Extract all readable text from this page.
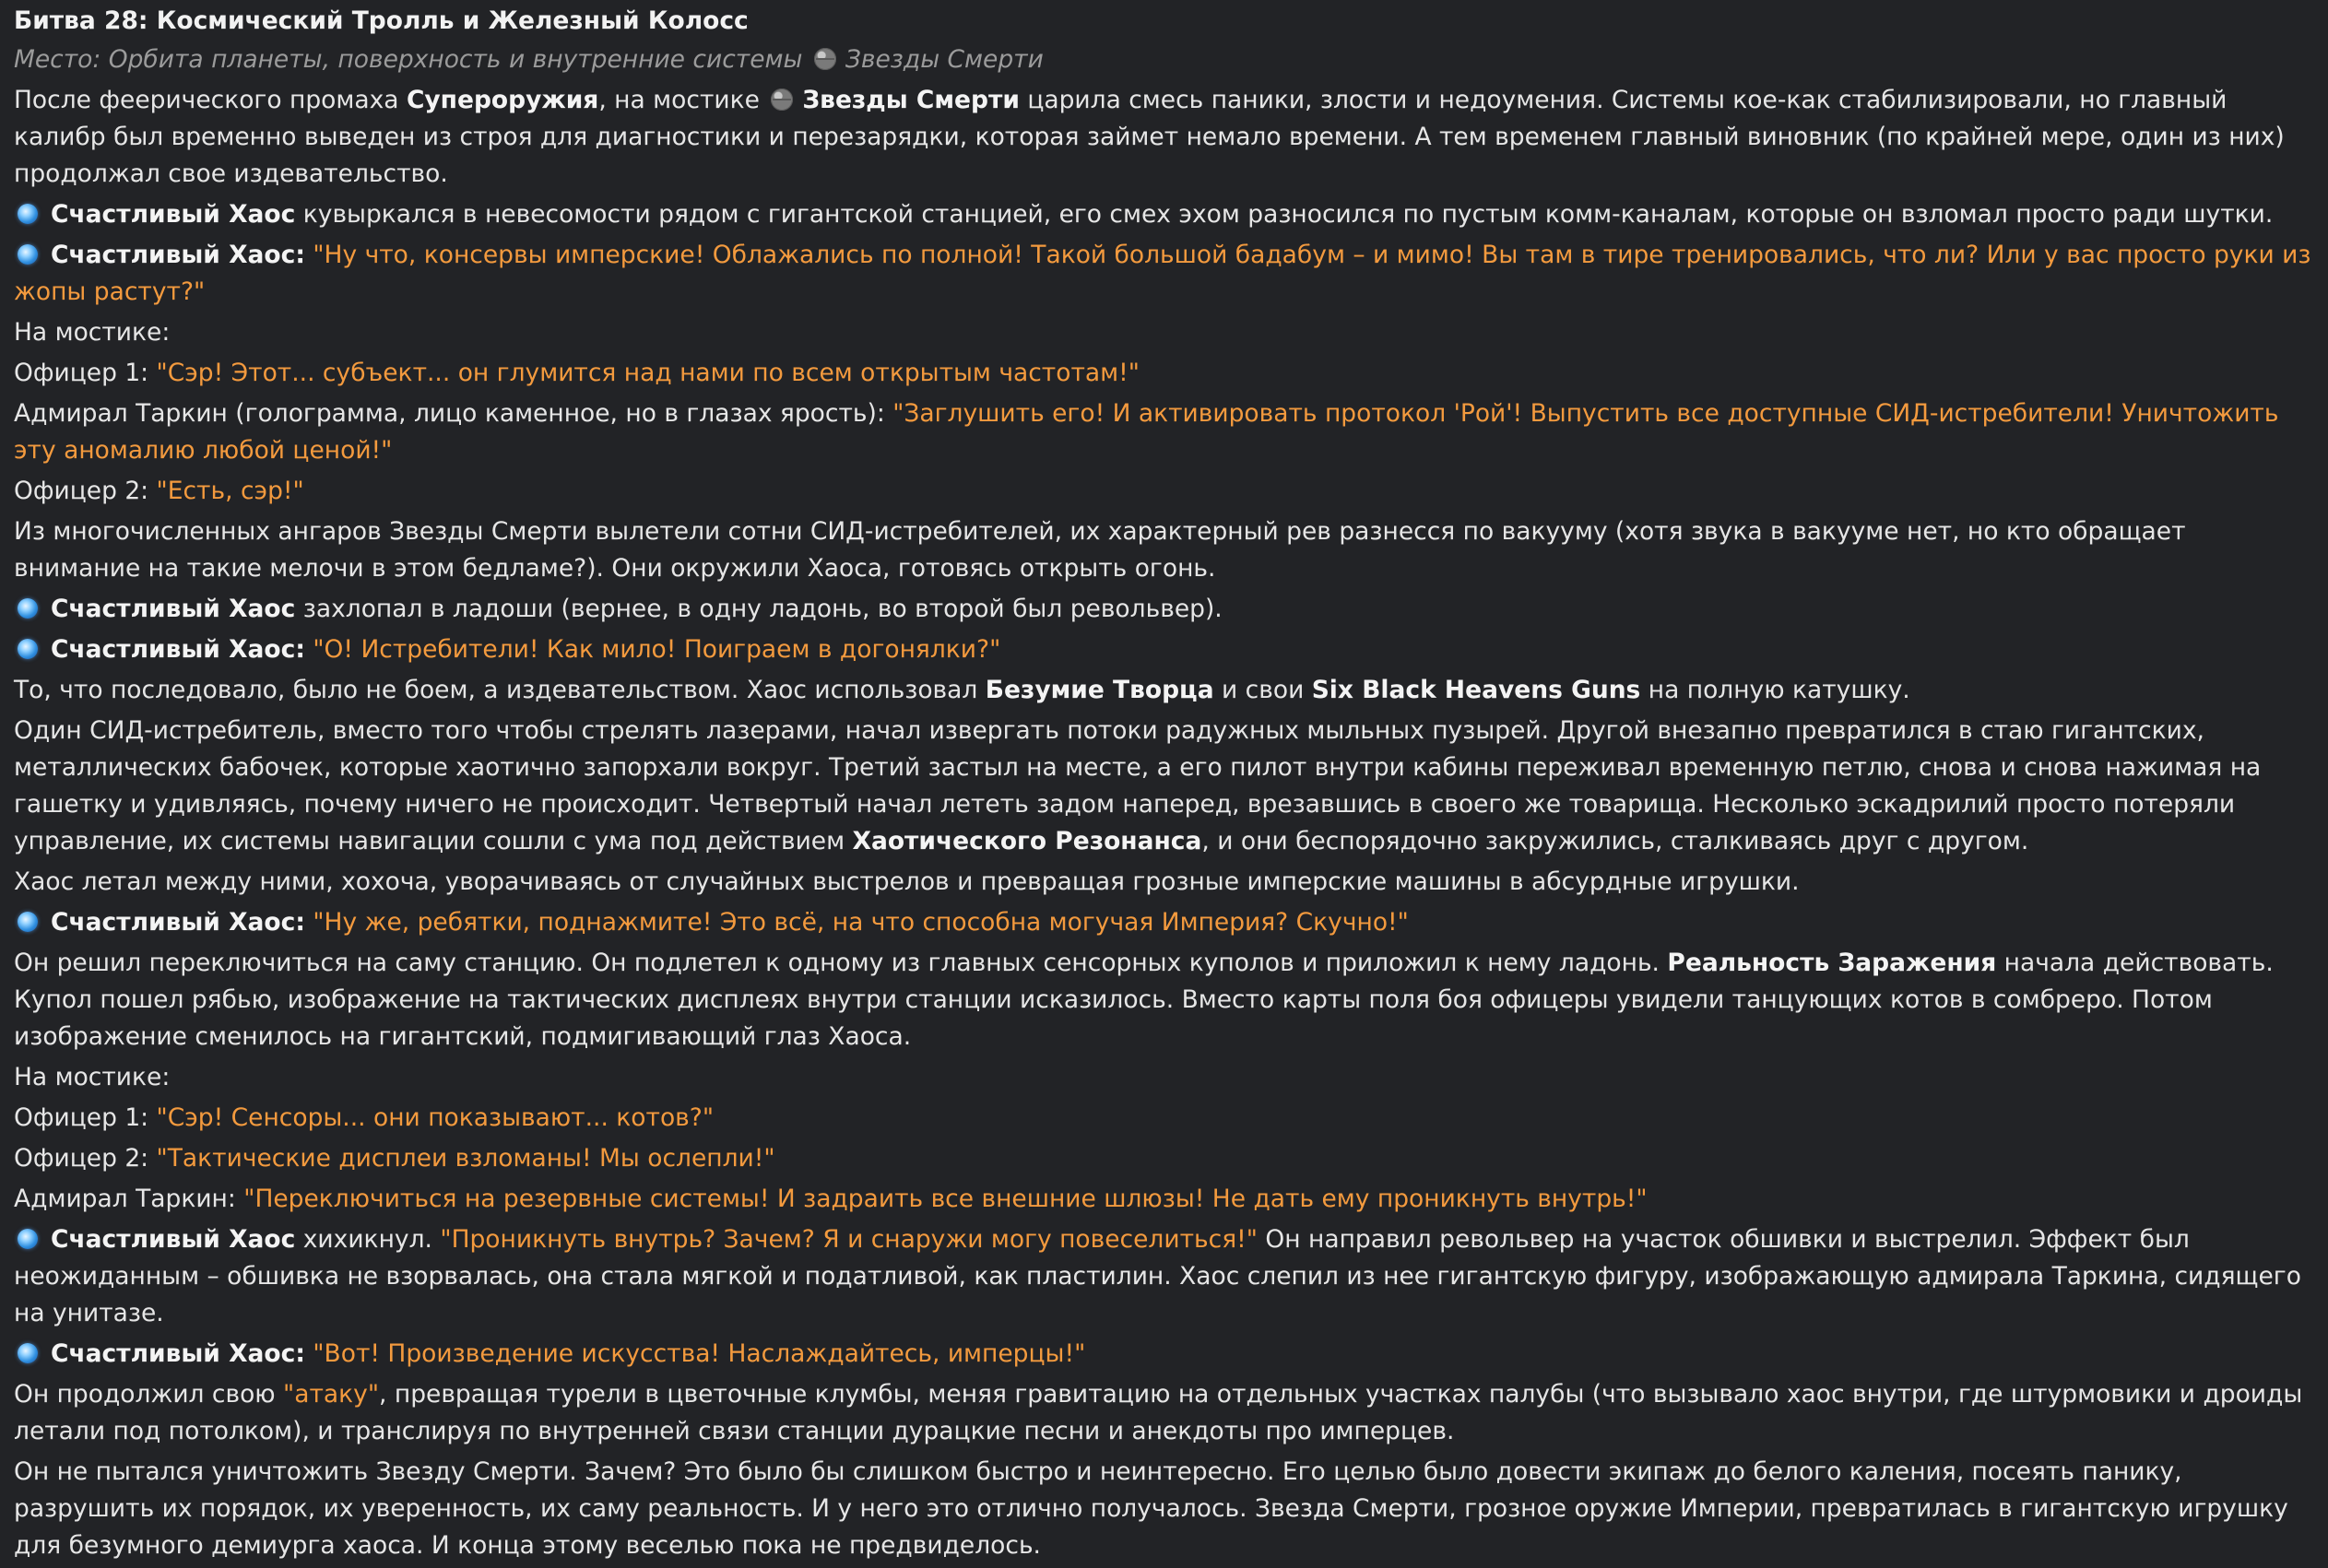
Битва 28: Космический Тролль и Железный Колосс
Место: Орбита планеты, поверхность и внутренние системы Звезды Смерти
После феерического промаха Супероружия, на мостике Звезды Смерти царила смесь паники, злости и недоумения. Системы кое-как стабилизировали, но главный калибр был временно выведен из строя для диагностики и перезарядки, которая займет немало времени. А тем временем главный виновник (по крайней мере, один из них) продолжал свое издевательство.
Счастливый Хаос кувыркался в невесомости рядом с гигантской станцией, его смех эхом разносился по пустым комм-каналам, которые он взломал просто ради шутки.
Счастливый Хаос: "Ну что, консервы имперские! Облажались по полной! Такой большой бадабум – и мимо! Вы там в тире тренировались, что ли? Или у вас просто руки из жопы растут?"
На мостике:
Офицер 1: "Сэр! Этот... субъект... он глумится над нами по всем открытым частотам!"
Адмирал Таркин (голограмма, лицо каменное, но в глазах ярость): "Заглушить его! И активировать протокол 'Рой'! Выпустить все доступные СИД-истребители! Уничтожить эту аномалию любой ценой!"
Офицер 2: "Есть, сэр!"
Из многочисленных ангаров Звезды Смерти вылетели сотни СИД-истребителей, их характерный рев разнесся по вакууму (хотя звука в вакууме нет, но кто обращает внимание на такие мелочи в этом бедламе?). Они окружили Хаоса, готовясь открыть огонь.
Счастливый Хаос захлопал в ладоши (вернее, в одну ладонь, во второй был револьвер).
Счастливый Хаос: "О! Истребители! Как мило! Поиграем в догонялки?"
То, что последовало, было не боем, а издевательством. Хаос использовал Безумие Творца и свои Six Black Heavens Guns на полную катушку.
Один СИД-истребитель, вместо того чтобы стрелять лазерами, начал извергать потоки радужных мыльных пузырей. Другой внезапно превратился в стаю гигантских, металлических бабочек, которые хаотично запорхали вокруг. Третий застыл на месте, а его пилот внутри кабины переживал временную петлю, снова и снова нажимая на гашетку и удивляясь, почему ничего не происходит. Четвертый начал лететь задом наперед, врезавшись в своего же товарища. Несколько эскадрилий просто потеряли управление, их системы навигации сошли с ума под действием Хаотического Резонанса, и они беспорядочно закружились, сталкиваясь друг с другом.
Хаос летал между ними, хохоча, уворачиваясь от случайных выстрелов и превращая грозные имперские машины в абсурдные игрушки.
Счастливый Хаос: "Ну же, ребятки, поднажмите! Это всё, на что способна могучая Империя? Скучно!"
Он решил переключиться на саму станцию. Он подлетел к одному из главных сенсорных куполов и приложил к нему ладонь. Реальность Заражения начала действовать. Купол пошел рябью, изображение на тактических дисплеях внутри станции исказилось. Вместо карты поля боя офицеры увидели танцующих котов в сомбреро. Потом изображение сменилось на гигантский, подмигивающий глаз Хаоса.
На мостике:
Офицер 1: "Сэр! Сенсоры... они показывают... котов?"
Офицер 2: "Тактические дисплеи взломаны! Мы ослепли!"
Адмирал Таркин: "Переключиться на резервные системы! И задраить все внешние шлюзы! Не дать ему проникнуть внутрь!"
Счастливый Хаос хихикнул. "Проникнуть внутрь? Зачем? Я и снаружи могу повеселиться!" Он направил револьвер на участок обшивки и выстрелил. Эффект был неожиданным – обшивка не взорвалась, она стала мягкой и податливой, как пластилин. Хаос слепил из нее гигантскую фигуру, изображающую адмирала Таркина, сидящего на унитазе.
Счастливый Хаос: "Вот! Произведение искусства! Наслаждайтесь, имперцы!"
Он продолжил свою "атаку", превращая турели в цветочные клумбы, меняя гравитацию на отдельных участках палубы (что вызывало хаос внутри, где штурмовики и дроиды летали под потолком), и транслируя по внутренней связи станции дурацкие песни и анекдоты про имперцев.
Он не пытался уничтожить Звезду Смерти. Зачем? Это было бы слишком быстро и неинтересно. Его целью было довести экипаж до белого каления, посеять панику, разрушить их порядок, их уверенность, их саму реальность. И у него это отлично получалось. Звезда Смерти, грозное оружие Империи, превратилась в гигантскую игрушку для безумного демиурга хаоса. И конца этому веселью пока не предвиделось.
